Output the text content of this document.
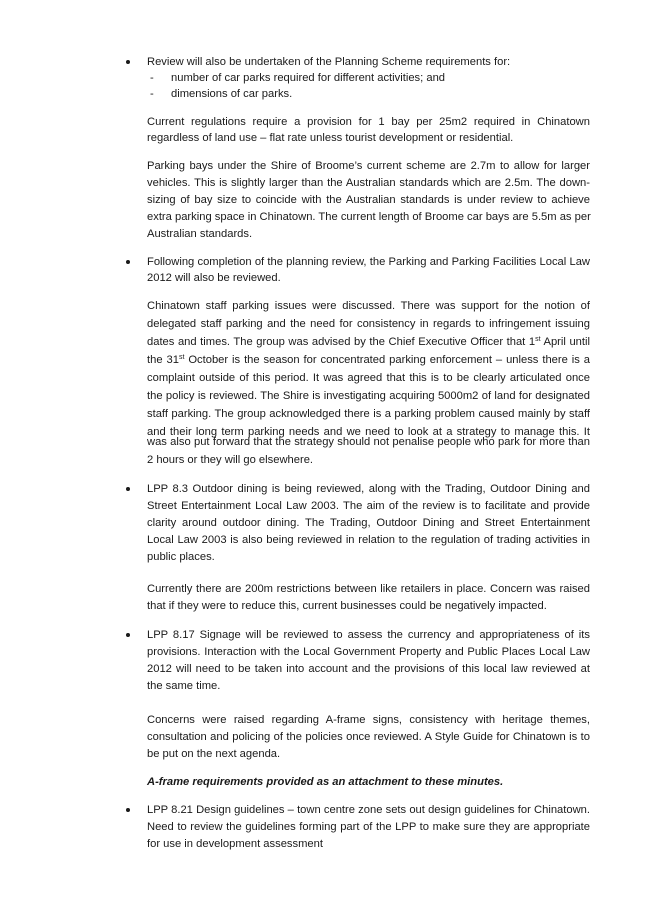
Review will also be undertaken of the Planning Scheme requirements for:
- number of car parks required for different activities; and
- dimensions of car parks.
Current regulations require a provision for 1 bay per 25m2 required in Chinatown
regardless of land use – flat rate unless tourist development or residential.
Parking bays under the Shire of Broome’s current scheme are 2.7m to allow for larger
vehicles. This is slightly larger than the Australian standards which are 2.5m. The down-
sizing of bay size to coincide with the Australian standards is under review to achieve
extra parking space in Chinatown. The current length of Broome car bays are 5.5m as per
Australian standards.
Following completion of the planning review, the Parking and Parking Facilities Local Law
2012 will also be reviewed.
Chinatown staff parking issues were discussed. There was support for the notion of
delegated staff parking and the need for consistency in regards to infringement issuing
dates and times. The group was advised by the Chief Executive Officer that 1st April until
the 31st October is the season for concentrated parking enforcement – unless there is a
complaint outside of this period. It was agreed that this is to be clearly articulated once
the policy is reviewed. The Shire is investigating acquiring 5000m2 of land for designated
staff parking. The group acknowledged there is a parking problem caused mainly by staff
and their long term parking needs and we need to look at a strategy to manage this. It
was also put forward that the strategy should not penalise people who park for more than
2 hours or they will go elsewhere.
LPP 8.3 Outdoor dining is being reviewed, along with the Trading, Outdoor Dining and
Street Entertainment Local Law 2003. The aim of the review is to facilitate and provide
clarity around outdoor dining. The Trading, Outdoor Dining and Street Entertainment
Local Law 2003 is also being reviewed in relation to the regulation of trading activities in
public places.
Currently there are 200m restrictions between like retailers in place. Concern was raised
that if they were to reduce this, current businesses could be negatively impacted.
LPP 8.17 Signage will be reviewed to assess the currency and appropriateness of its
provisions. Interaction with the Local Government Property and Public Places Local Law
2012 will need to be taken into account and the provisions of this local law reviewed at
the same time.
Concerns were raised regarding A-frame signs, consistency with heritage themes,
consultation and policing of the policies once reviewed. A Style Guide for Chinatown is to
be put on the next agenda.
A-frame requirements provided as an attachment to these minutes.
LPP 8.21 Design guidelines – town centre zone sets out design guidelines for Chinatown.
Need to review the guidelines forming part of the LPP to make sure they are appropriate
for use in development assessment
